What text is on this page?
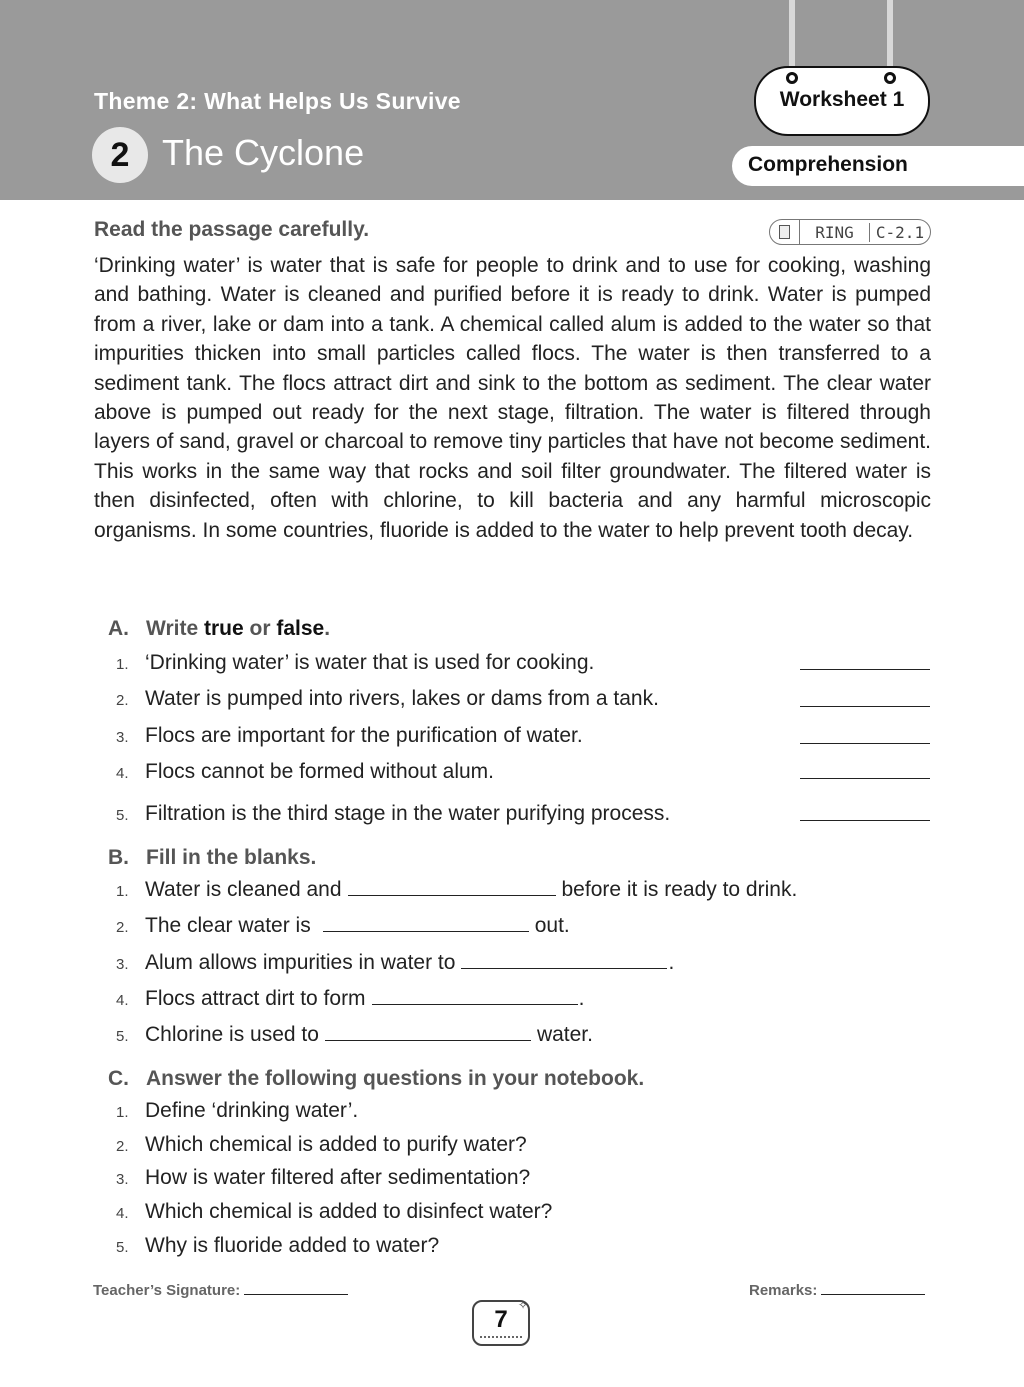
Theme 2: What Helps Us Survive
2 The Cyclone
Worksheet 1
Comprehension
Read the passage carefully.	RING	C-2.1
‘Drinking water’ is water that is safe for people to drink and to use for cooking, washing and bathing. Water is cleaned and purified before it is ready to drink. Water is pumped from a river, lake or dam into a tank. A chemical called alum is added to the water so that impurities thicken into small particles called flocs. The water is then transferred to a sediment tank. The flocs attract dirt and sink to the bottom as sediment. The clear water above is pumped out ready for the next stage, filtration. The water is filtered through layers of sand, gravel or charcoal to remove tiny particles that have not become sediment. This works in the same way that rocks and soil filter groundwater. The filtered water is then disinfected, often with chlorine, to kill bacteria and any harmful microscopic organisms. In some countries, fluoride is added to the water to help prevent tooth decay.
A. Write true or false.
1. ‘Drinking water’ is water that is used for cooking.
2. Water is pumped into rivers, lakes or dams from a tank.
3. Flocs are important for the purification of water.
4. Flocs cannot be formed without alum.
5. Filtration is the third stage in the water purifying process.
B. Fill in the blanks.
1. Water is cleaned and	before it is ready to drink.
2. The clear water is	out.
3. Alum allows impurities in water to	.
4. Flocs attract dirt to form	.
5. Chlorine is used to	water.
C. Answer the following questions in your notebook.
1. Define ‘drinking water’.
2. Which chemical is added to purify water?
3. How is water filtered after sedimentation?
4. Which chemical is added to disinfect water?
5. Why is fluoride added to water?
Teacher’s Signature:	Remarks:
7
✧
